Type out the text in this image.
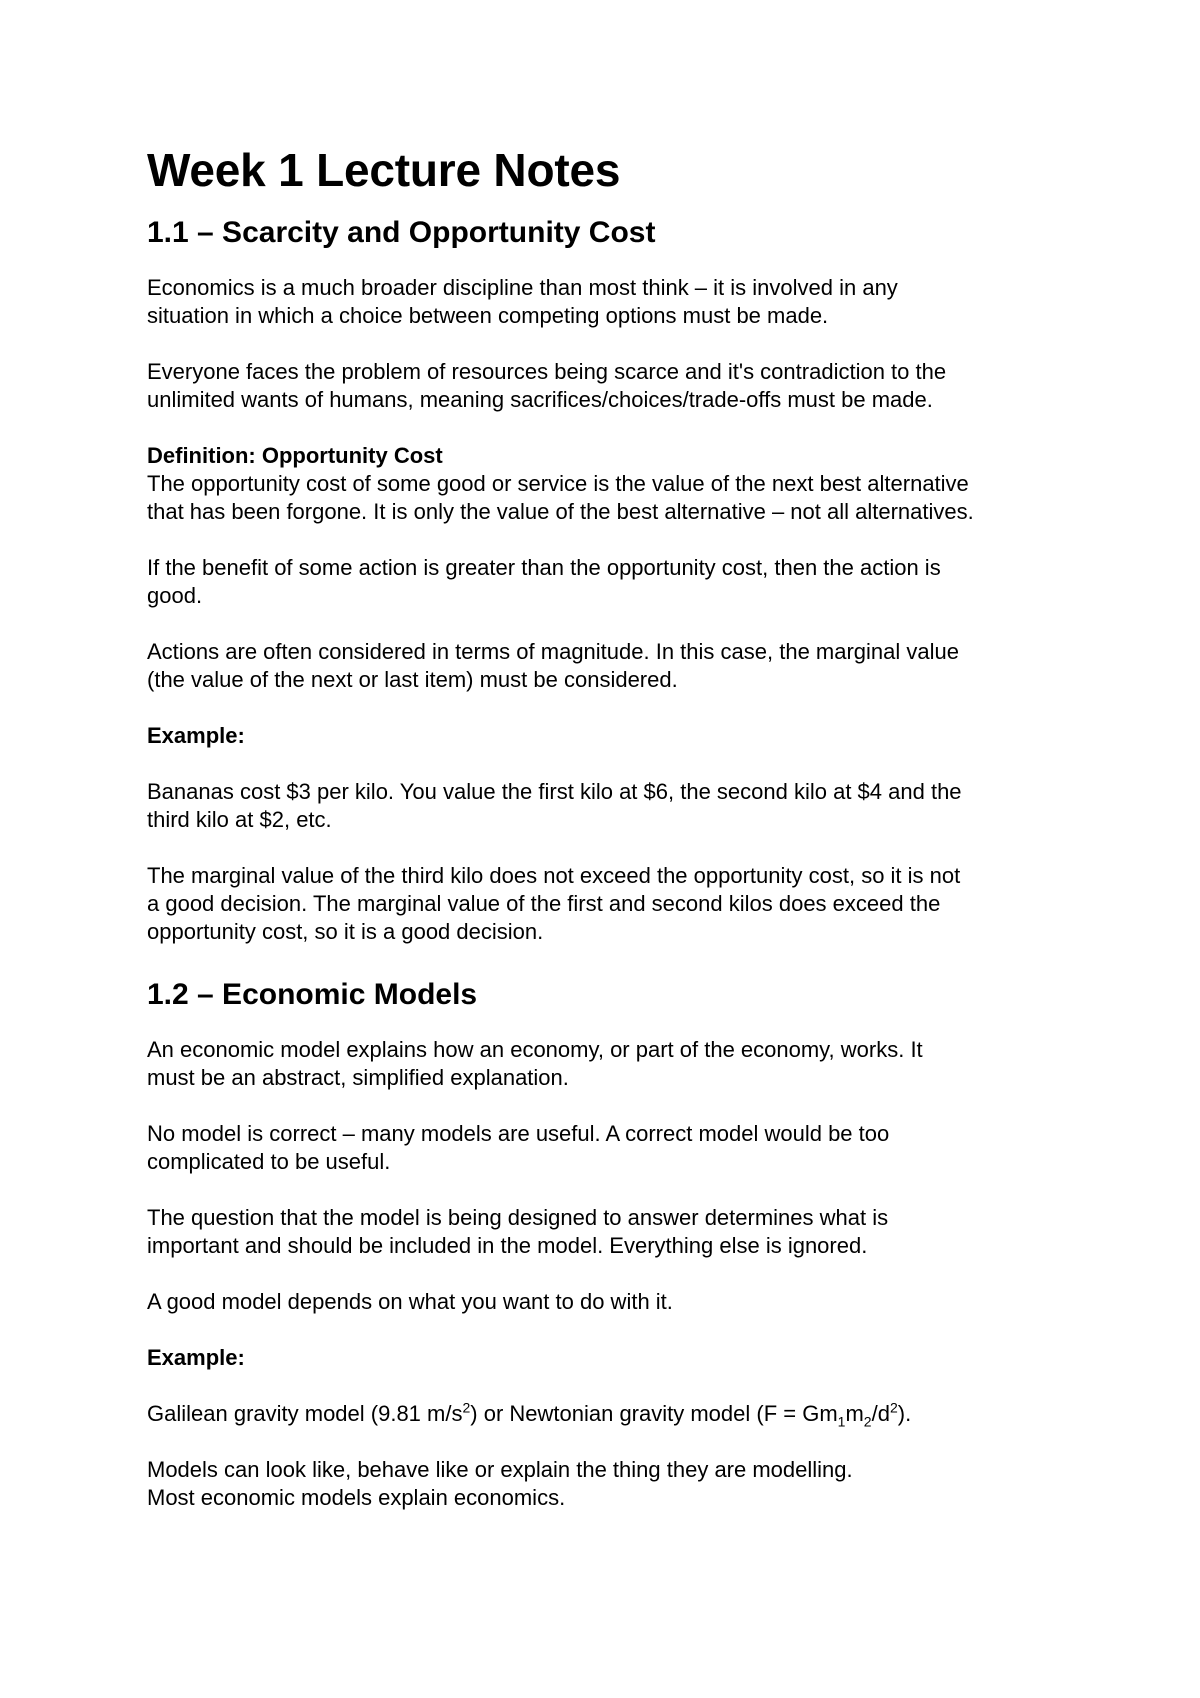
Week 1 Lecture Notes
1.1 – Scarcity and Opportunity Cost
Economics is a much broader discipline than most think – it is involved in any
situation in which a choice between competing options must be made.
Everyone faces the problem of resources being scarce and it's contradiction to the
unlimited wants of humans, meaning sacrifices/choices/trade-offs must be made.
Definition: Opportunity Cost
The opportunity cost of some good or service is the value of the next best alternative
that has been forgone. It is only the value of the best alternative – not all alternatives.
If the benefit of some action is greater than the opportunity cost, then the action is
good.
Actions are often considered in terms of magnitude. In this case, the marginal value
(the value of the next or last item) must be considered.
Example:
Bananas cost $3 per kilo. You value the first kilo at $6, the second kilo at $4 and the
third kilo at $2, etc.
The marginal value of the third kilo does not exceed the opportunity cost, so it is not
a good decision. The marginal value of the first and second kilos does exceed the
opportunity cost, so it is a good decision.
1.2 – Economic Models
An economic model explains how an economy, or part of the economy, works. It
must be an abstract, simplified explanation.
No model is correct – many models are useful. A correct model would be too
complicated to be useful.
The question that the model is being designed to answer determines what is
important and should be included in the model. Everything else is ignored.
A good model depends on what you want to do with it.
Example:
Galilean gravity model (9.81 $m/s^2$) or Newtonian gravity model $(F = Gm_1m_2/d^2)$.
Models can look like, behave like or explain the thing they are modelling.
Most economic models explain economics.
